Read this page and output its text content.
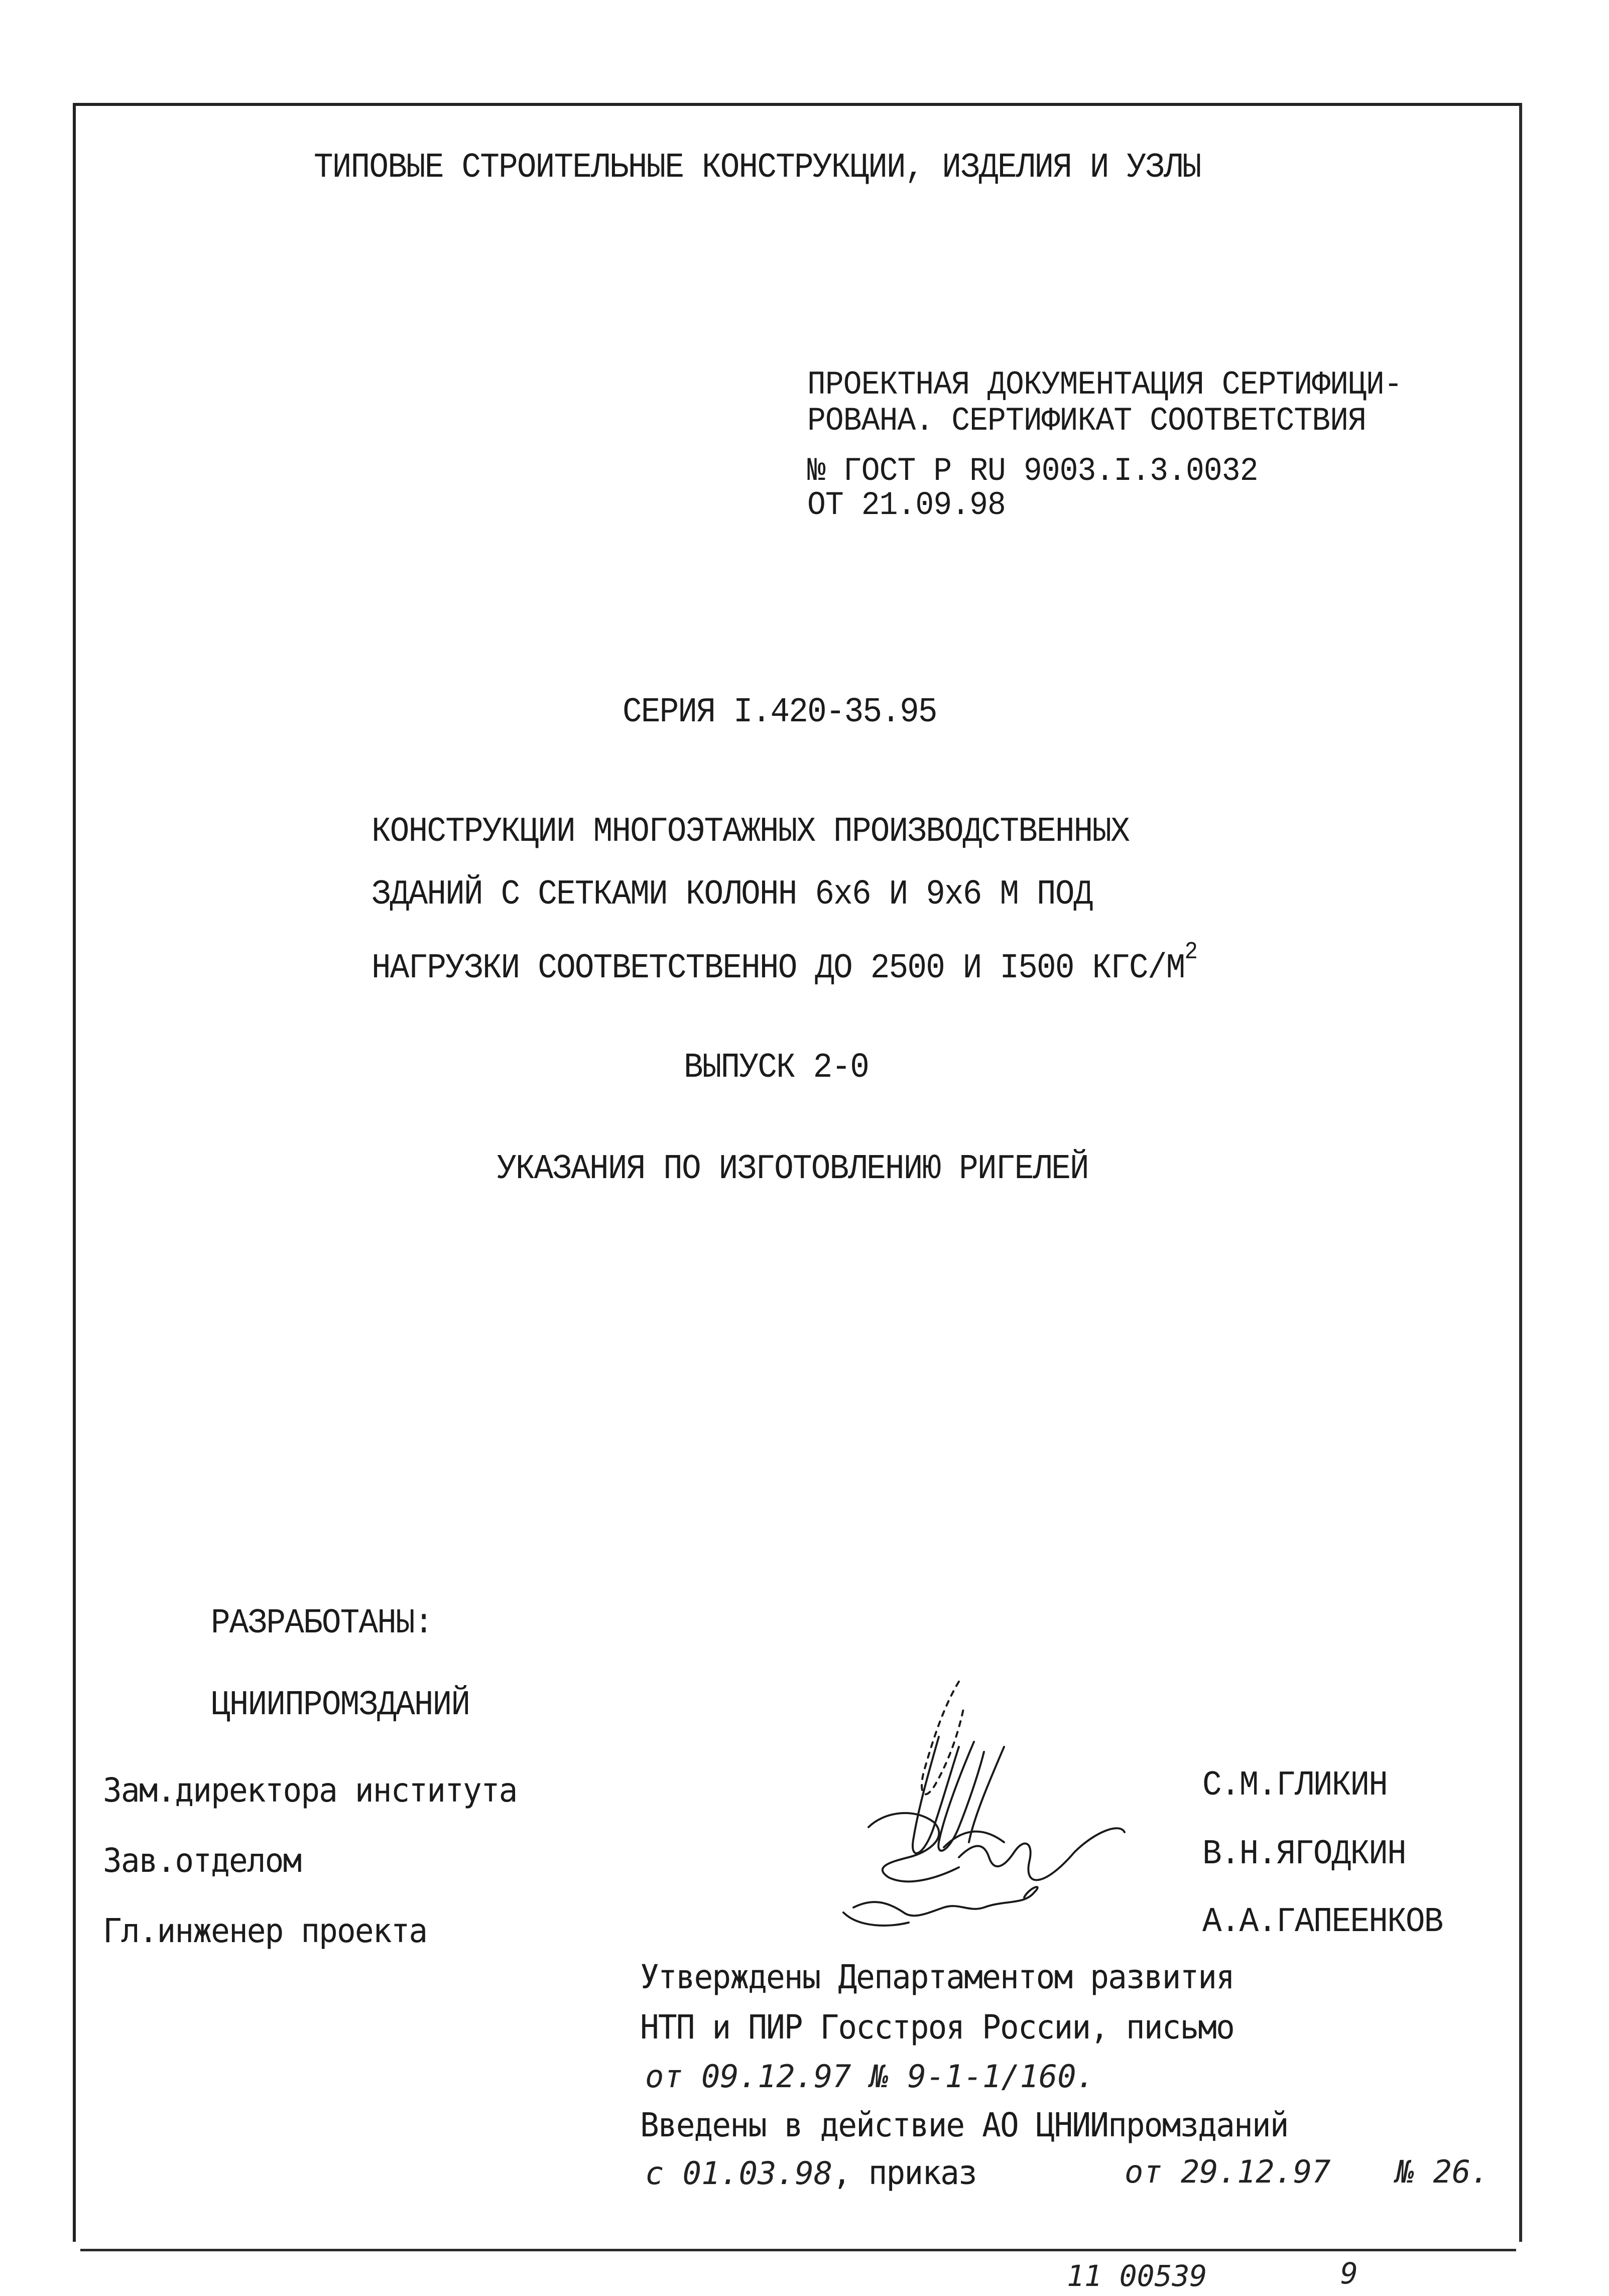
ТИПОВЫЕ СТРОИТЕЛЬНЫЕ КОНСТРУКЦИИ, ИЗДЕЛИЯ И УЗЛЫ
ПРОЕКТНАЯ ДОКУМЕНТАЦИЯ СЕРТИФИЦИ-
РОВАНА. СЕРТИФИКАТ СООТВЕТСТВИЯ
№ ГОСТ Р RU 9003.I.3.0032
ОТ 21.09.98
СЕРИЯ I.420-35.95
КОНСТРУКЦИИ МНОГОЭТАЖНЫХ ПРОИЗВОДСТВЕННЫХ
ЗДАНИЙ С СЕТКАМИ КОЛОНН 6х6 И 9х6 М ПОД
НАГРУЗКИ СООТВЕТСТВЕННО ДО 2500 И I500 КГС/$М^2$
ВЫПУСК 2-0
УКАЗАНИЯ ПО ИЗГОТОВЛЕНИЮ РИГЕЛЕЙ
РАЗРАБОТАНЫ:
ЦНИИПРОМЗДАНИЙ
Зам.директора института
Зав.отделом
Гл.инженер проекта
С.М.ГЛИКИН
В.Н.ЯГОДКИН
А.А.ГАПЕЕНКОВ
Утверждены Департаментом развития
НТП и ПИР Госстроя России, письмо
от 09.12.97 № 9-1-1/160.
Введены в действие АО ЦНИИпромзданий
с 01.03.98, приказ	от 29.12.97 № 26.
11 00539	9
